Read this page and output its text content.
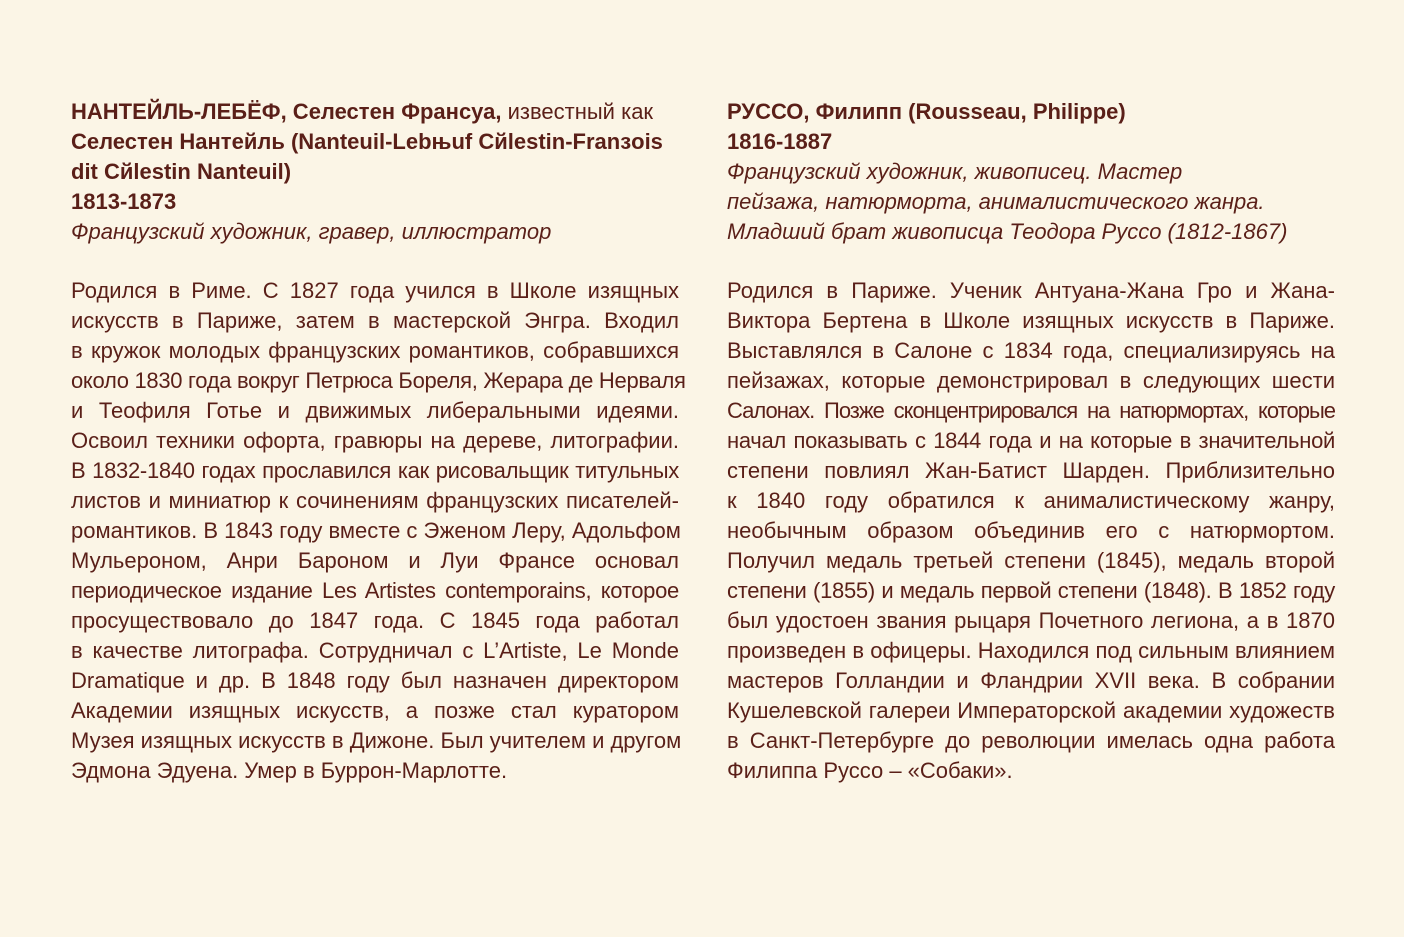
НАНТЕЙЛЬ-ЛЕБЁФ, Селестен Франсуа, известный как
Селестен Нантейль (Nanteuil-Lebњuf Cйlestin-Franзois
dit Cйlestin Nanteuil)
1813-1873
Французский художник, гравер, иллюстратор
Родился в Риме. С 1827 года учился в Школе изящных
искусств в Париже, затем в мастерской Энгра. Входил
в кружок молодых французских романтиков, собравшихся
около 1830 года вокруг Петрюса Бореля, Жерара де Нерваля
и Теофиля Готье и движимых либеральными идеями.
Освоил техники офорта, гравюры на дереве, литографии.
В 1832-1840 годах прославился как рисовальщик титульных
листов и миниатюр к сочинениям французских писателей-
романтиков. В 1843 году вместе с Эженом Леру, Адольфом
Мульероном, Анри Бароном и Луи Франсе основал
периодическое издание Les Artistes contemporains, которое
просуществовало до 1847 года. С 1845 года работал
в качестве литографа. Сотрудничал с L’Artiste, Le Monde
Dramatique и др. В 1848 году был назначен директором
Академии изящных искусств, а позже стал куратором
Музея изящных искусств в Дижоне. Был учителем и другом
Эдмона Эдуена. Умер в Буррон-Марлотте.
РУССО, Филипп (Rousseau, Philippe)
1816-1887
Французский художник, живописец. Мастер
пейзажа, натюрморта, анималистического жанра.
Младший брат живописца Теодора Руссо (1812-1867)
Родился в Париже. Ученик Антуана-Жана Гро и Жана-
Виктора Бертена в Школе изящных искусств в Париже.
Выставлялся в Салоне с 1834 года, специализируясь на
пейзажах, которые демонстрировал в следующих шести
Салонах. Позже сконцентрировался на натюрмортах, которые
начал показывать с 1844 года и на которые в значительной
степени повлиял Жан-Батист Шарден. Приблизительно
к 1840 году обратился к анималистическому жанру,
необычным образом объединив его с натюрмортом.
Получил медаль третьей степени (1845), медаль второй
степени (1855) и медаль первой степени (1848). В 1852 году
был удостоен звания рыцаря Почетного легиона, а в 1870
произведен в офицеры. Находился под сильным влиянием
мастеров Голландии и Фландрии XVII века. В собрании
Кушелевской галереи Императорской академии художеств
в Санкт-Петербурге до революции имелась одна работа
Филиппа Руссо – «Собаки».
